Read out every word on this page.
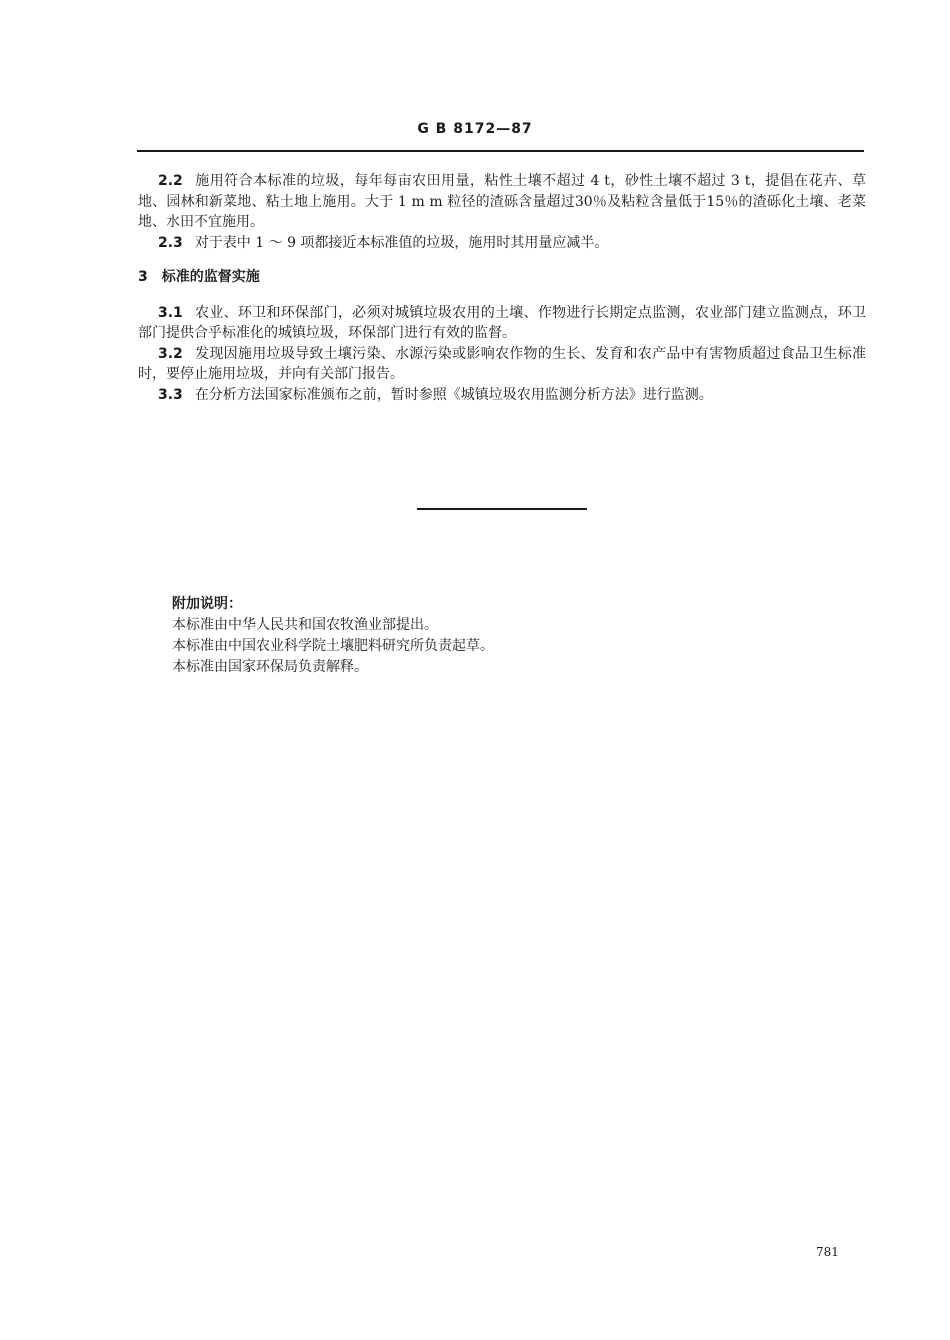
G B 8172—87

2.2 施用符合本标准的垃圾，每年每亩农田用量，粘性土壤不超过 4 t，砂性土壤不超过 3 t，提倡在花卉、草地、园林和新菜地、粘土地上施用。大于 1 m m 粒径的渣砾含量超过30％及粘粒含量低于15％的渣砾化土壤、老菜地、水田不宜施用。

2.3 对于表中 1 ～ 9 项都接近本标准值的垃圾，施用时其用量应减半。

3 标准的监督实施

3.1 农业、环卫和环保部门，必须对城镇垃圾农用的土壤、作物进行长期定点监测，农业部门建立监测点，环卫部门提供合乎标准化的城镇垃圾，环保部门进行有效的监督。

3.2 发现因施用垃圾导致土壤污染、水源污染或影响农作物的生长、发育和农产品中有害物质超过食品卫生标准时，要停止施用垃圾，并向有关部门报告。

3.3 在分析方法国家标准颁布之前，暂时参照《城镇垃圾农用监测分析方法》进行监测。

附加说明：
本标准由中华人民共和国农牧渔业部提出。
本标准由中国农业科学院土壤肥料研究所负责起草。
本标准由国家环保局负责解释。
781
